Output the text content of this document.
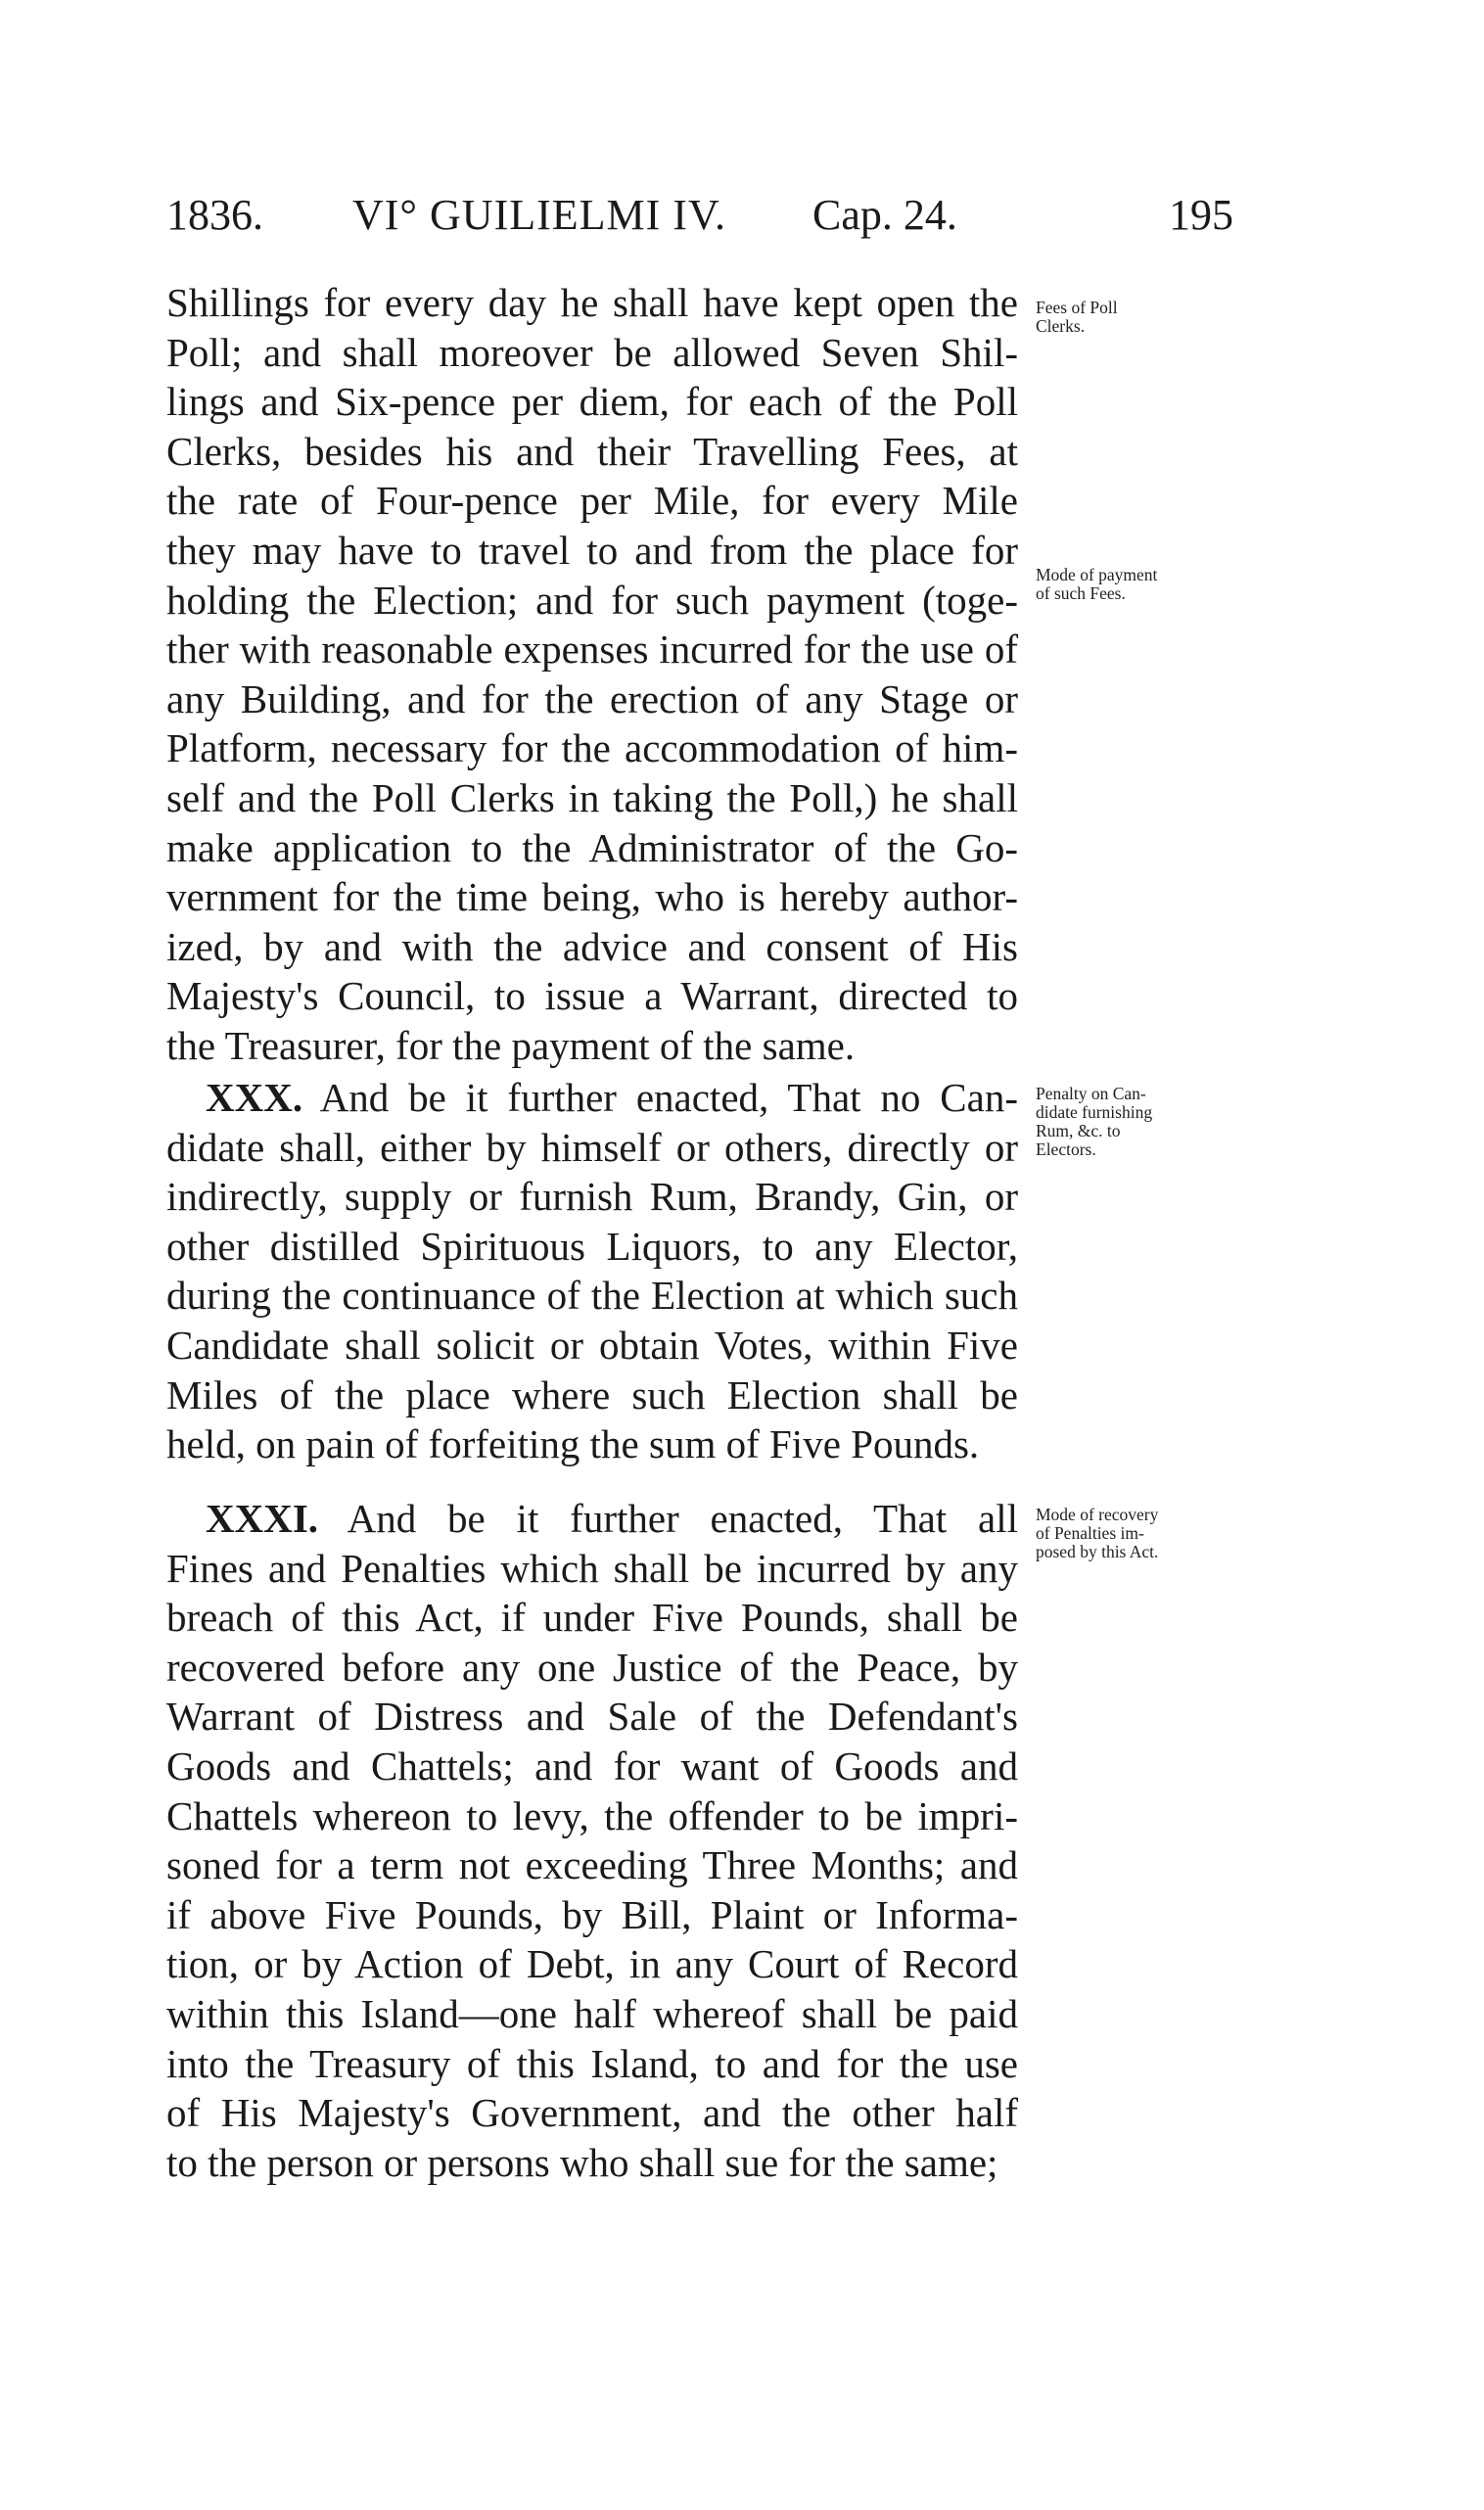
1836. VI° GUILIELMI IV. Cap. 24.	195
Shillings for every day he shall have kept open the
Poll; and shall moreover be allowed Seven Shil-
lings and Six-pence per diem, for each of the Poll
Clerks, besides his and their Travelling Fees, at
the rate of Four-pence per Mile, for every Mile
they may have to travel to and from the place for
holding the Election; and for such payment (toge-
ther with reasonable expenses incurred for the use of
any Building, and for the erection of any Stage or
Platform, necessary for the accommodation of him-
self and the Poll Clerks in taking the Poll,) he shall
make application to the Administrator of the Go-
vernment for the time being, who is hereby author-
ized, by and with the advice and consent of His
Majesty's Council, to issue a Warrant, directed to
the Treasurer, for the payment of the same.
XXX. And be it further enacted, That no Can-
didate shall, either by himself or others, directly or
indirectly, supply or furnish Rum, Brandy, Gin, or
other distilled Spirituous Liquors, to any Elector,
during the continuance of the Election at which such
Candidate shall solicit or obtain Votes, within Five
Miles of the place where such Election shall be
held, on pain of forfeiting the sum of Five Pounds.
XXXI. And be it further enacted, That all
Fines and Penalties which shall be incurred by any
breach of this Act, if under Five Pounds, shall be
recovered before any one Justice of the Peace, by
Warrant of Distress and Sale of the Defendant's
Goods and Chattels; and for want of Goods and
Chattels whereon to levy, the offender to be impri-
soned for a term not exceeding Three Months; and
if above Five Pounds, by Bill, Plaint or Informa-
tion, or by Action of Debt, in any Court of Record
within this Island—one half whereof shall be paid
into the Treasury of this Island, to and for the use
of His Majesty's Government, and the other half
to the person or persons who shall sue for the same;
Fees of Poll
Clerks.
Mode of payment
of such Fees.
Penalty on Can-
didate furnishing
Rum, &c. to
Electors.
Mode of recovery
of Penalties im-
posed by this Act.
